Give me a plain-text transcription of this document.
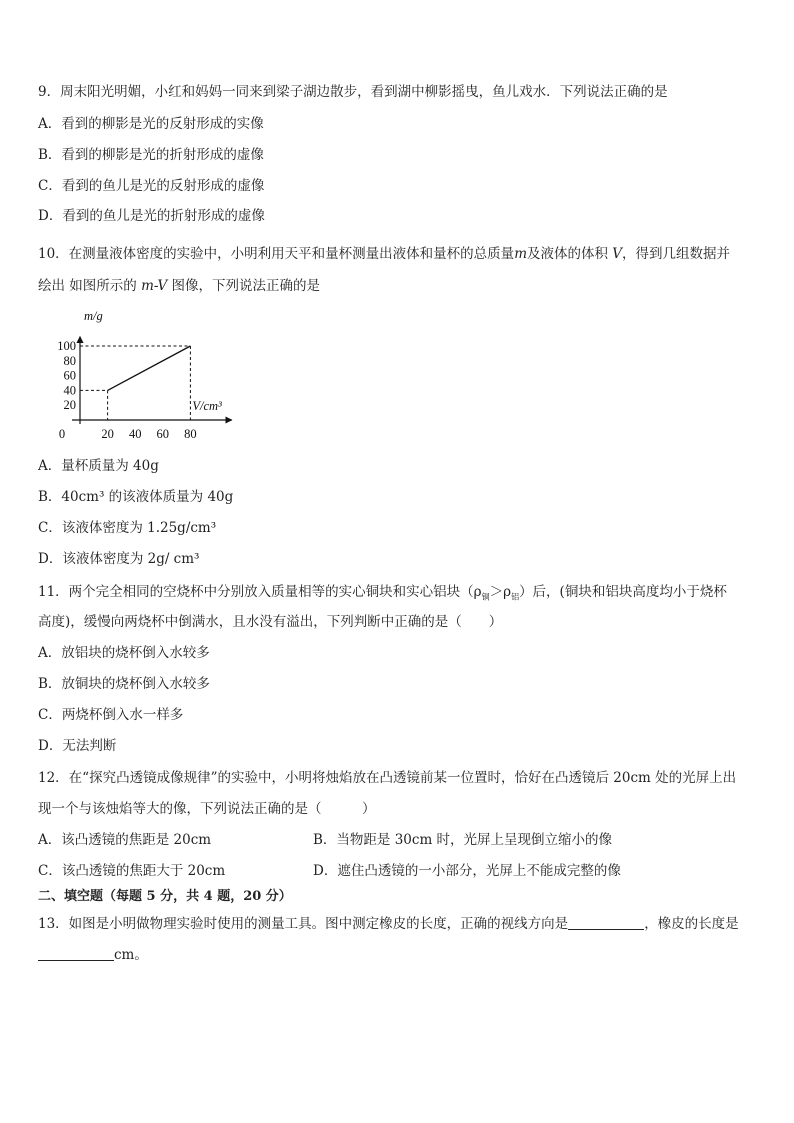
9．周末阳光明媚，小红和妈妈一同来到梁子湖边散步，看到湖中柳影摇曳，鱼儿戏水．下列说法正确的是
A．看到的柳影是光的反射形成的实像
B．看到的柳影是光的折射形成的虚像
C．看到的鱼儿是光的反射形成的虚像
D．看到的鱼儿是光的折射形成的虚像
10．在测量液体密度的实验中，小明利用天平和量杯测量出液体和量杯的总质量m及液体的体积 V，得到几组数据并
绘出 如图所示的 m-V 图像，下列说法正确的是
20
40
60
80
100
20 40 60 80
0
m/g
V/cm³
A．量杯质量为 40g
B．40cm³ 的该液体质量为 40g
C．该液体密度为 1.25g/cm³
D．该液体密度为 2g/ cm³
11．两个完全相同的空烧杯中分别放入质量相等的实心铜块和实心铝块$(\rho_铜>\rho_铝)$后，(铜块和铝块高度均小于烧杯
高度)，缓慢向两烧杯中倒满水，且水没有溢出，下列判断中正确的是（　　）
A．放铝块的烧杯倒入水较多
B．放铜块的烧杯倒入水较多
C．两烧杯倒入水一样多
D．无法判断
12．在“探究凸透镜成像规律”的实验中，小明将烛焰放在凸透镜前某一位置时，恰好在凸透镜后 20cm 处的光屏上出
现一个与该烛焰等大的像，下列说法正确的是（　　　）
A．该凸透镜的焦距是 20cm	B．当物距是 30cm 时，光屏上呈现倒立缩小的像
C．该凸透镜的焦距大于 20cm	D．遮住凸透镜的一小部分，光屏上不能成完整的像
二、填空题（每题 5 分，共 4 题，20 分）
13．如图是小明做物理实验时使用的测量工具。图中测定橡皮的长度，正确的视线方向是	，橡皮的长度是
cm。
